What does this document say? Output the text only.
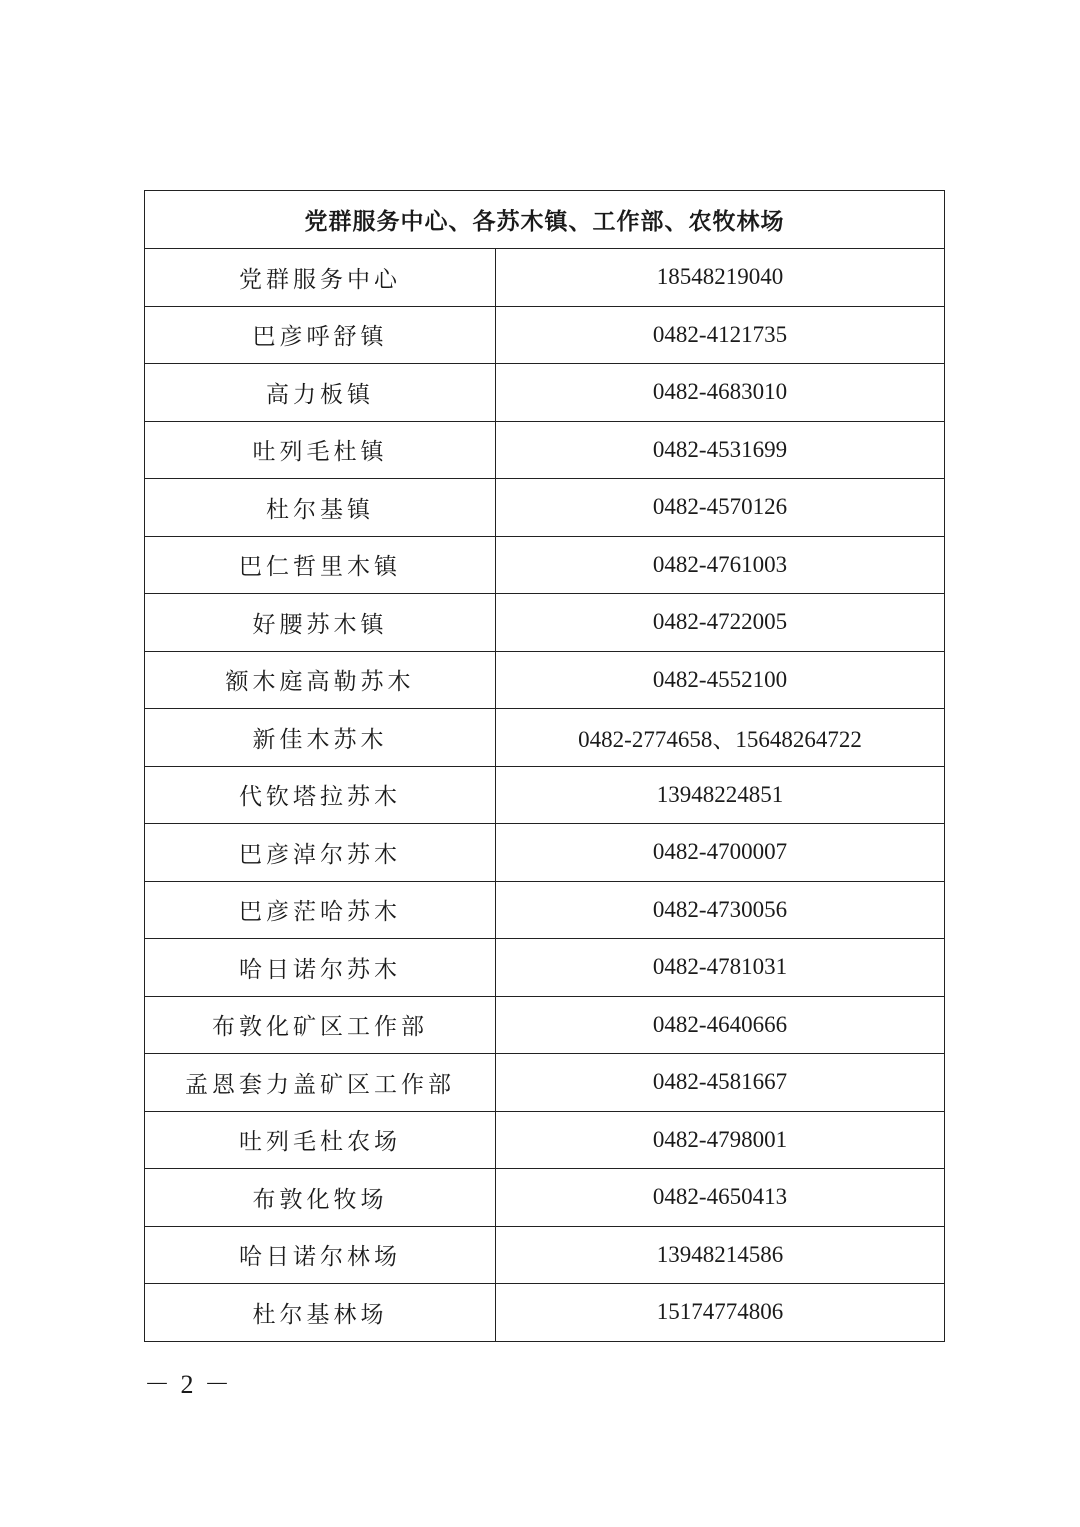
党群服务中心、各苏木镇、工作部、农牧林场	
党群服务中心	18548219040
巴彦呼舒镇	0482-4121735
高力板镇	0482-4683010
吐列毛杜镇	0482-4531699
杜尔基镇	0482-4570126
巴仁哲里木镇	0482-4761003
好腰苏木镇	0482-4722005
额木庭高勒苏木	0482-4552100
新佳木苏木	0482-2774658、15648264722
代钦塔拉苏木	13948224851
巴彦淖尔苏木	0482-4700007
巴彦茫哈苏木	0482-4730056
哈日诺尔苏木	0482-4781031
布敦化矿区工作部	0482-4640666
孟恩套力盖矿区工作部	0482-4581667
吐列毛杜农场	0482-4798001
布敦化牧场	0482-4650413
哈日诺尔林场	13948214586
杜尔基林场	15174774806
－ 2 －
